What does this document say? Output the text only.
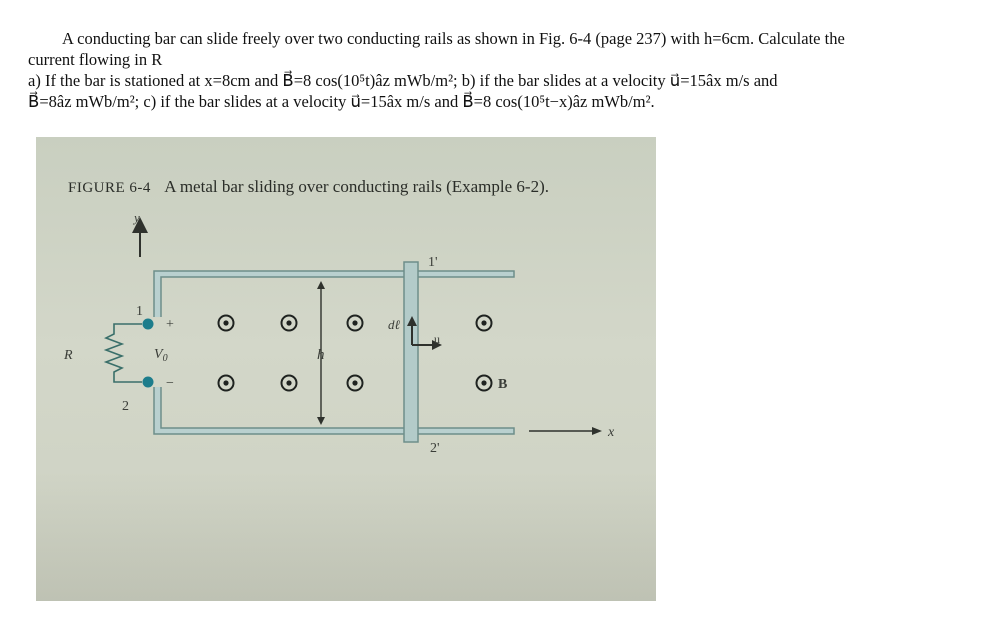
A conducting bar can slide freely over two conducting rails as shown in Fig. 6-4 (page 237) with h=6cm. Calculate the

current flowing in R

a) If the bar is stationed at x=8cm and B⃗=8 cos(10⁵t)âz mWb/m²; b) if the bar slides at a velocity u⃗=15âx m/s and

B⃗=8âz mWb/m²; c) if the bar slides at a velocity u⃗=15âx m/s and B⃗=8 cos(10⁵t−x)âz mWb/m².

FIGURE 6-4 A metal bar sliding over conducting rails (Example 6-2).
y
1'
2'
1
2
+
−
$V_0$
R	h
dℓ
u
B
x
